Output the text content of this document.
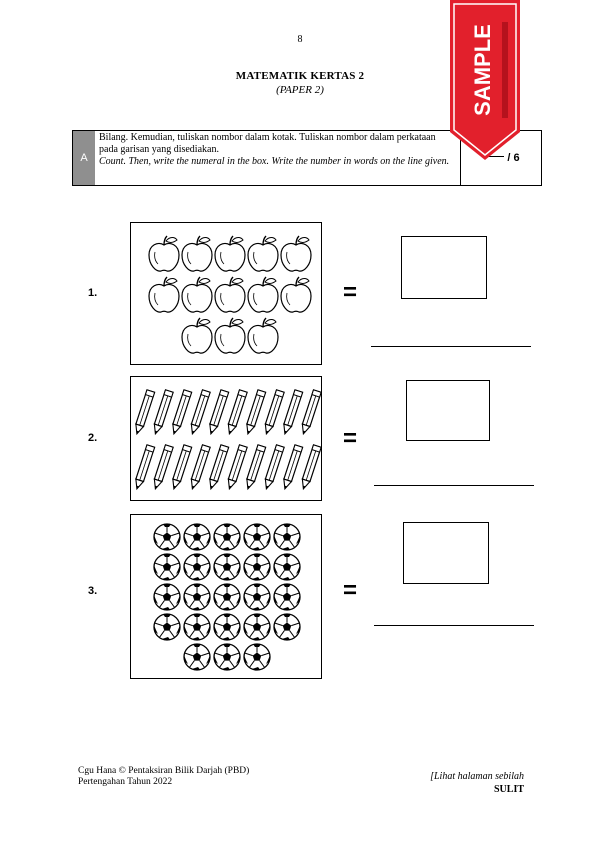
8
MATEMATIK KERTAS 2
(PAPER 2)
A
Bilang. Kemudian, tuliskan nombor dalam kotak. Tuliskan nombor dalam perkataan pada garisan yang disediakan.
Count. Then, write the numeral in the box. Write the number in words on the line given.	/ 6
1.	=
2.	=
3.	=
Cgu Hana © Pentaksiran Bilik Darjah (PBD)
Pertengahan Tahun 2022	[Lihat halaman sebilah
SULIT
SAMPLE
